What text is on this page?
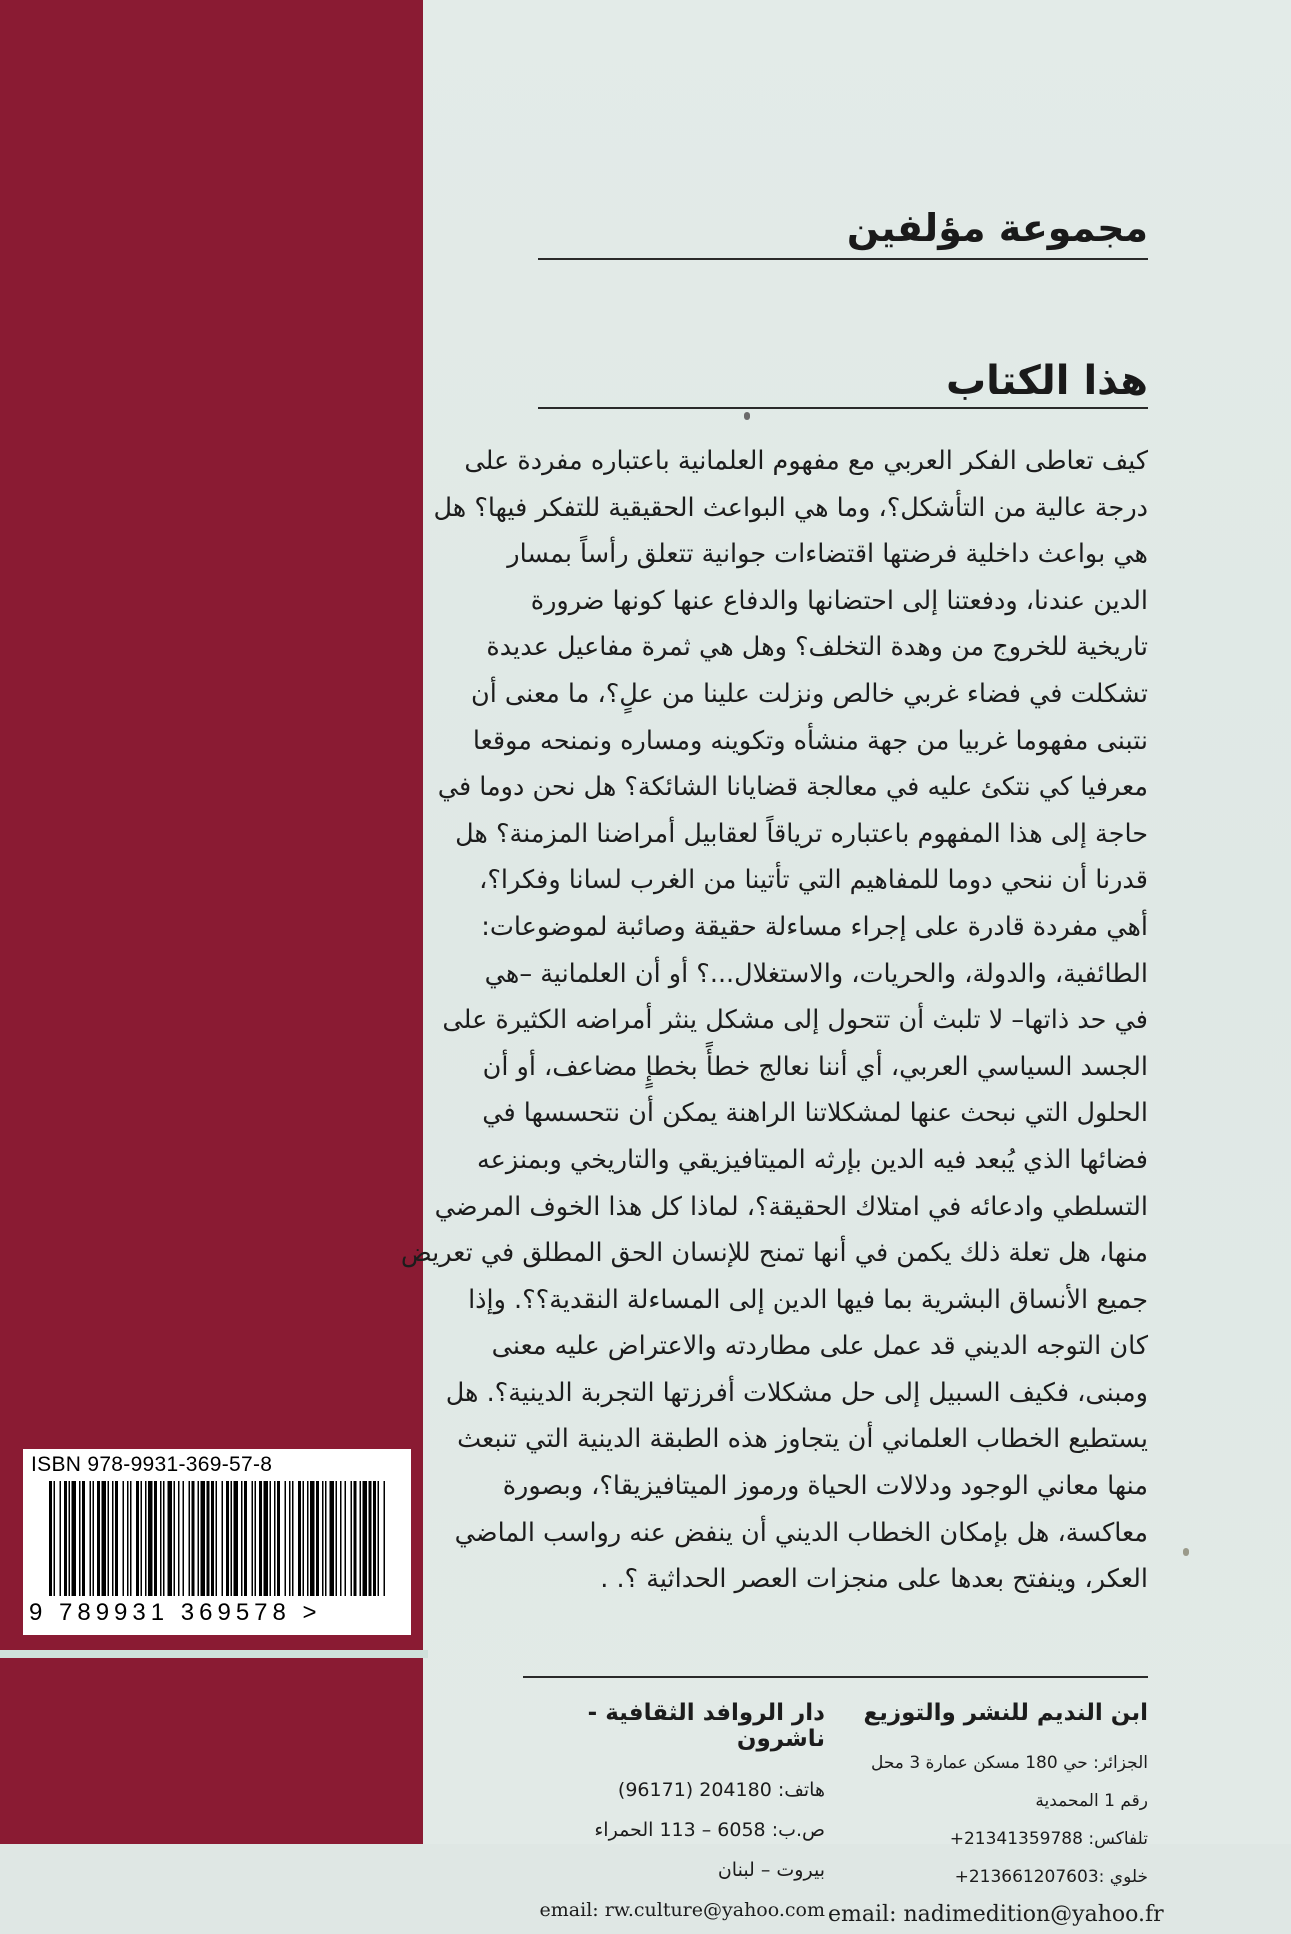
مجموعة مؤلفين
هذا الكتاب
كيف تعاطى الفكر العربي مع مفهوم العلمانية باعتباره مفردة على
درجة عالية من التأشكل؟، وما هي البواعث الحقيقية للتفكر فيها؟ هل
هي بواعث داخلية فرضتها اقتضاءات جوانية تتعلق رأساً بمسار
الدين عندنا، ودفعتنا إلى احتضانها والدفاع عنها كونها ضرورة
تاريخية للخروج من وهدة التخلف؟ وهل هي ثمرة مفاعيل عديدة
تشكلت في فضاء غربي خالص ونزلت علينا من علٍ؟، ما معنى أن
نتبنى مفهوما غربيا من جهة منشأه وتكوينه ومساره ونمنحه موقعا
معرفيا كي نتكئ عليه في معالجة قضايانا الشائكة؟ هل نحن دوما في
حاجة إلى هذا المفهوم باعتباره ترياقاً لعقابيل أمراضنا المزمنة؟ هل
قدرنا أن ننحي دوما للمفاهيم التي تأتينا من الغرب لسانا وفكرا؟،
أهي مفردة قادرة على إجراء مساءلة حقيقة وصائبة لموضوعات:
الطائفية، والدولة، والحريات، والاستغلال...؟ أو أن العلمانية –هي
في حد ذاتها– لا تلبث أن تتحول إلى مشكل ينثر أمراضه الكثيرة على
الجسد السياسي العربي، أي أننا نعالج خطأً بخطإٍ مضاعف، أو أن
الحلول التي نبحث عنها لمشكلاتنا الراهنة يمكن أن نتحسسها في
فضائها الذي يُبعد فيه الدين بإرثه الميتافيزيقي والتاريخي وبمنزعه
التسلطي وادعائه في امتلاك الحقيقة؟، لماذا كل هذا الخوف المرضي
منها، هل تعلة ذلك يكمن في أنها تمنح للإنسان الحق المطلق في تعريض
جميع الأنساق البشرية بما فيها الدين إلى المساءلة النقدية؟؟. وإذا
كان التوجه الديني قد عمل على مطاردته والاعتراض عليه معنى
ومبنى، فكيف السبيل إلى حل مشكلات أفرزتها التجربة الدينية؟. هل
يستطيع الخطاب العلماني أن يتجاوز هذه الطبقة الدينية التي تنبعث
منها معاني الوجود ودلالات الحياة ورموز الميتافيزيقا؟، وبصورة
معاكسة، هل بإمكان الخطاب الديني أن ينفض عنه رواسب الماضي
العكر، وينفتح بعدها على منجزات العصر الحداثية ؟. .
ابن النديم للنشر والتوزيع
الجزائر: حي 180 مسكن عمارة 3 محل
رقم 1 المحمدية
تلفاكس: 21341359788+
خلوي :213661207603+
email: nadimedition@yahoo.fr
دار الروافد الثقافية - ناشرون
هاتف: 204180 (96171)
ص.ب: 6058 – 113 الحمراء
بيروت – لبنان
email: rw.culture@yahoo.com
ISBN 978-9931-369-57-8
9 789931 369578 >
